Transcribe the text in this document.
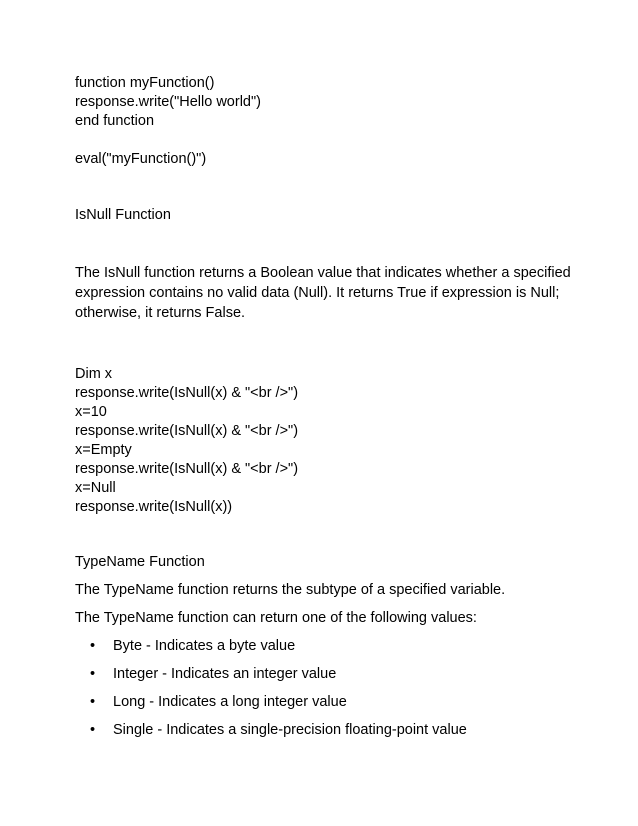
function myFunction()
response.write("Hello world")
end function
eval("myFunction()")
IsNull Function

The IsNull function returns a Boolean value that indicates whether a specified expression contains no valid data (Null). It returns True if expression is Null; otherwise, it returns False.

Dim x
response.write(IsNull(x) & "<br />")
x=10
response.write(IsNull(x) & "<br />")
x=Empty
response.write(IsNull(x) & "<br />")
x=Null
response.write(IsNull(x))
TypeName Function

The TypeName function returns the subtype of a specified variable.

The TypeName function can return one of the following values:

• Byte - Indicates a byte value
• Integer - Indicates an integer value
• Long - Indicates a long integer value
• Single - Indicates a single-precision floating-point value
